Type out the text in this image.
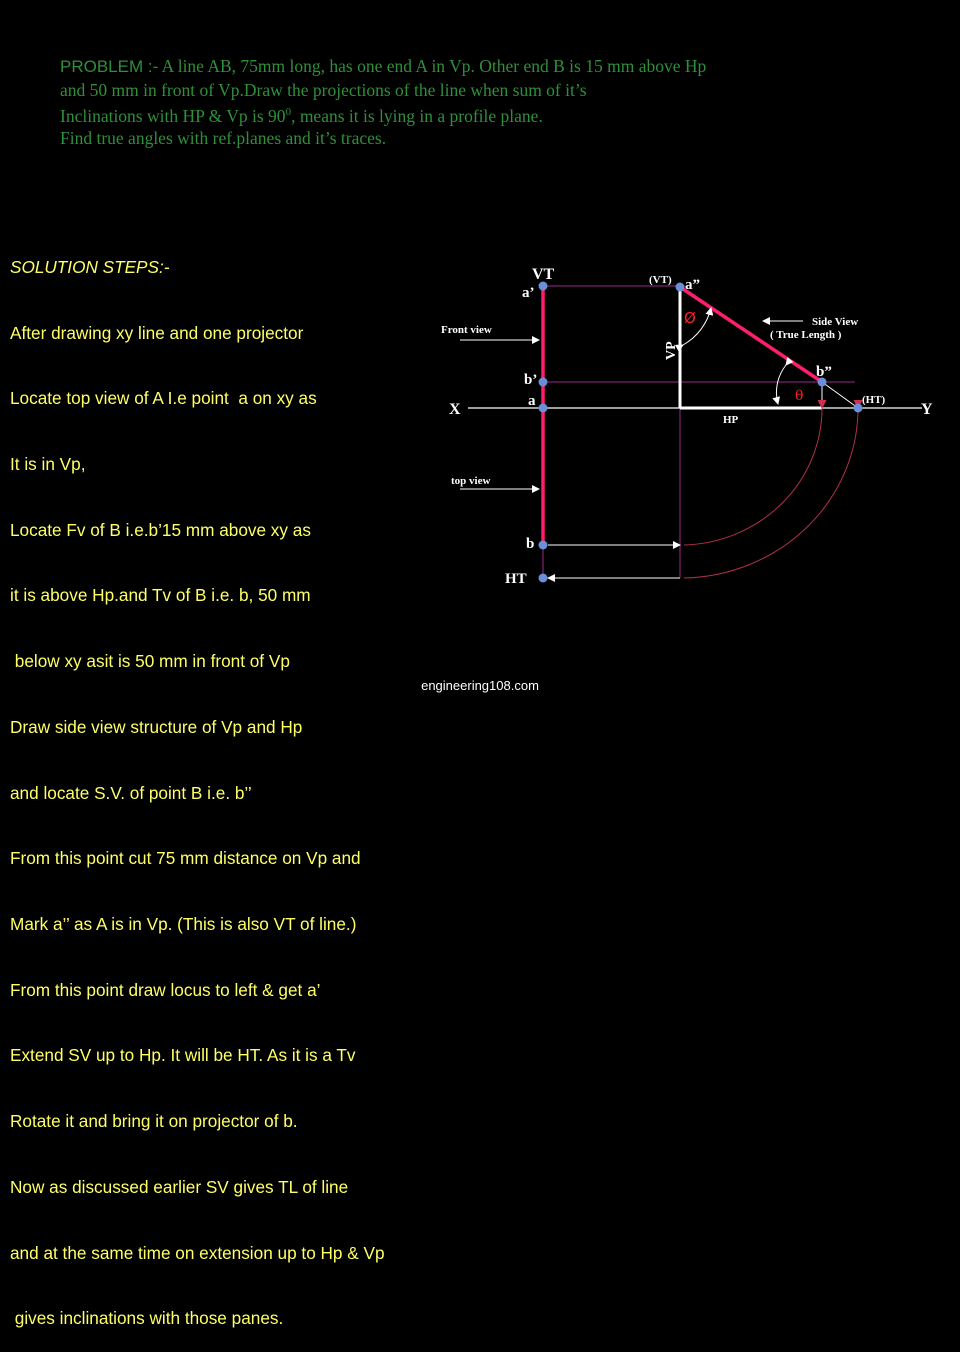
PROBLEM :- A line AB, 75mm long, has one end A in Vp. Other end B is 15 mm above Hp
and 50 mm in front of Vp.Draw the projections of the line when sum of it’s
Inclinations with HP & Vp is $90^0$, means it is lying in a profile plane.
Find true angles with ref.planes and it’s traces.

SOLUTION STEPS:-

After drawing xy line and one projector

Locate top view of A I.e point  a on xy as

It is in Vp,

Locate Fv of B i.e.b’15 mm above xy as

it is above Hp.and Tv of B i.e. b, 50 mm

below xy asit is 50 mm in front of Vp

Draw side view structure of Vp and Hp

and locate S.V. of point B i.e. b’’

From this point cut 75 mm distance on Vp and

Mark a’’ as A is in Vp. (This is also VT of line.)

From this point draw locus to left & get a’

Extend SV up to Hp. It will be HT. As it is a Tv

Rotate it and bring it on projector of b.

Now as discussed earlier SV gives TL of line

and at the same time on extension up to Hp & Vp

gives inclinations with those panes.

VT
a’
b’
a
b
HT
X	Y
(VT) a”
b”
(HT)
VP
HP
Ø
θ
Front view
top view
Side View
( True Length )
engineering108.com
